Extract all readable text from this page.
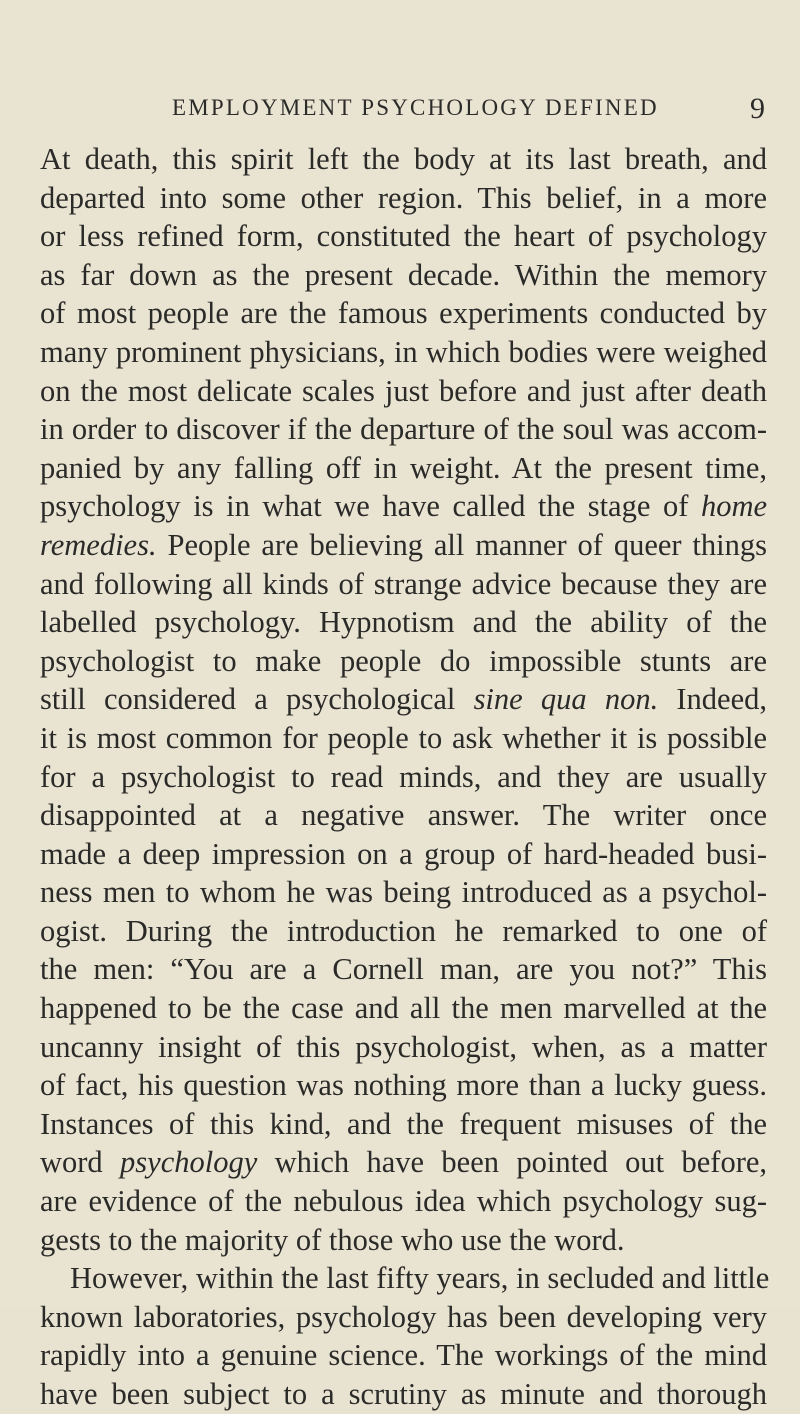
EMPLOYMENT PSYCHOLOGY DEFINED	9
At death, this spirit left the body at its last breath, and
departed into some other region. This belief, in a more
or less refined form, constituted the heart of psychology
as far down as the present decade. Within the memory
of most people are the famous experiments conducted by
many prominent physicians, in which bodies were weighed
on the most delicate scales just before and just after death
in order to discover if the departure of the soul was accom-
panied by any falling off in weight. At the present time,
psychology is in what we have called the stage of home
remedies. People are believing all manner of queer things
and following all kinds of strange advice because they are
labelled psychology. Hypnotism and the ability of the
psychologist to make people do impossible stunts are
still considered a psychological sine qua non. Indeed,
it is most common for people to ask whether it is possible
for a psychologist to read minds, and they are usually
disappointed at a negative answer. The writer once
made a deep impression on a group of hard-headed busi-
ness men to whom he was being introduced as a psychol-
ogist. During the introduction he remarked to one of
the men: “You are a Cornell man, are you not?” This
happened to be the case and all the men marvelled at the
uncanny insight of this psychologist, when, as a matter
of fact, his question was nothing more than a lucky guess.
Instances of this kind, and the frequent misuses of the
word psychology which have been pointed out before,
are evidence of the nebulous idea which psychology sug-
gests to the majority of those who use the word.
However, within the last fifty years, in secluded and little
known laboratories, psychology has been developing very
rapidly into a genuine science. The workings of the mind
have been subject to a scrutiny as minute and thorough
